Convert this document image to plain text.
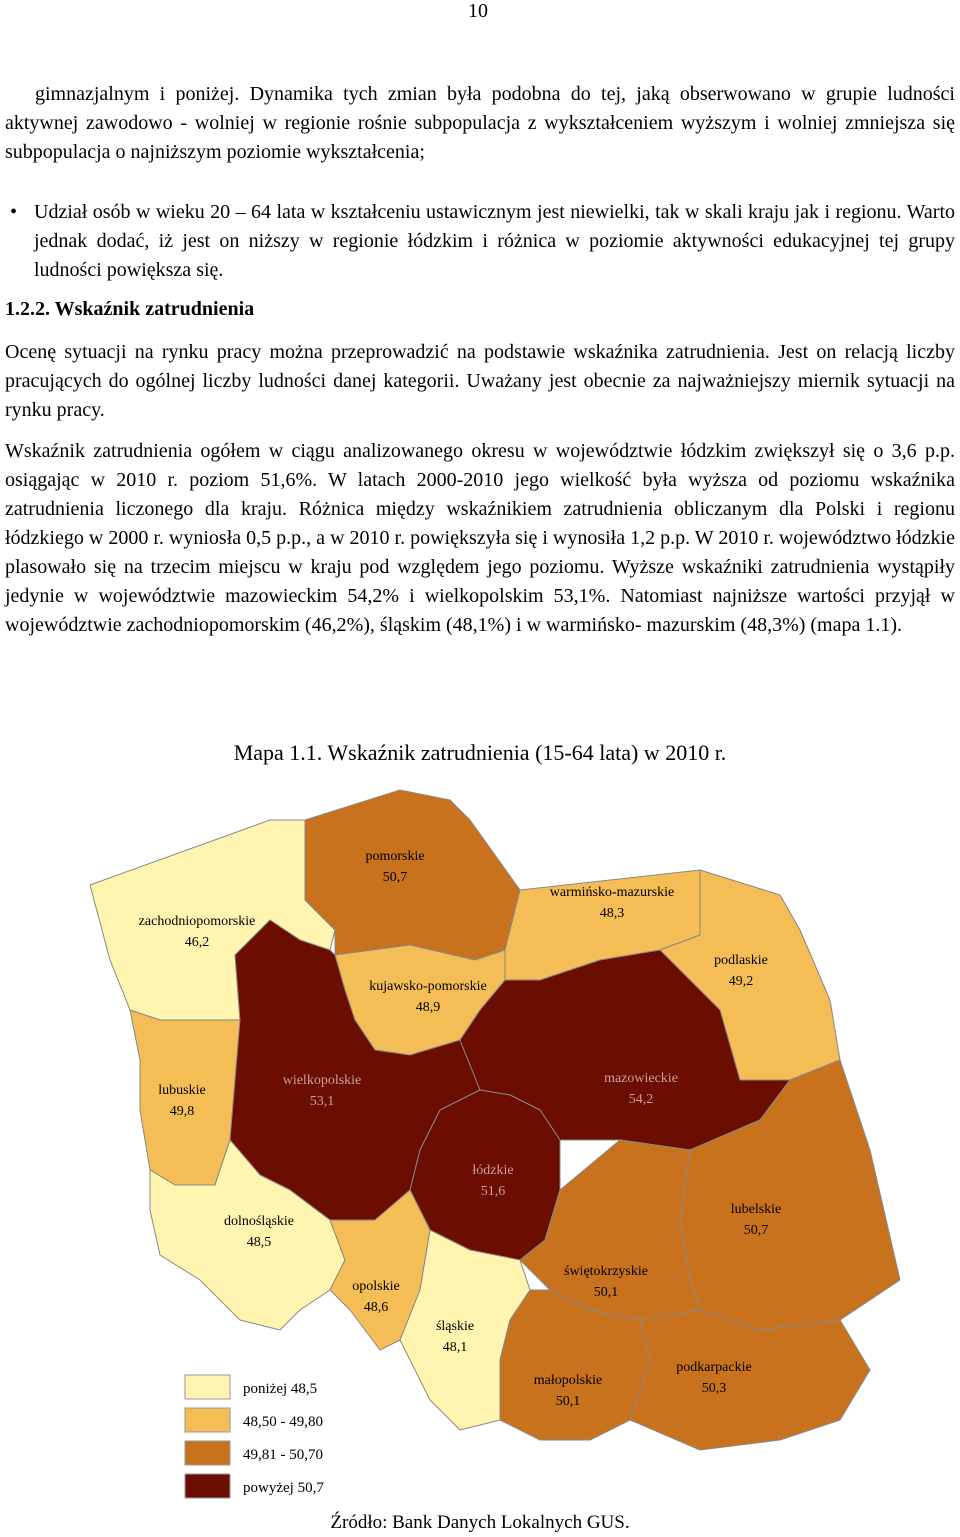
10
gimnazjalnym i poniżej. Dynamika tych zmian była podobna do tej, jaką obserwowano w grupie ludności aktywnej zawodowo - wolniej w regionie rośnie subpopulacja z wykształceniem wyższym i wolniej zmniejsza się subpopulacja o najniższym poziomie wykształcenia;
• Udział osób w wieku 20 – 64 lata w kształceniu ustawicznym jest niewielki, tak w skali kraju jak i regionu. Warto jednak dodać, iż jest on niższy w regionie łódzkim i różnica w poziomie aktywności edukacyjnej tej grupy ludności powiększa się.
1.2.2. Wskaźnik zatrudnienia
Ocenę sytuacji na rynku pracy można przeprowadzić na podstawie wskaźnika zatrudnienia. Jest on relacją liczby pracujących do ogólnej liczby ludności danej kategorii. Uważany jest obecnie za najważniejszy miernik sytuacji na rynku pracy.
Wskaźnik zatrudnienia ogółem w ciągu analizowanego okresu w województwie łódzkim zwiększył się o 3,6 p.p. osiągając w 2010 r. poziom 51,6%. W latach 2000-2010 jego wielkość była wyższa od poziomu wskaźnika zatrudnienia liczonego dla kraju. Różnica między wskaźnikiem zatrudnienia obliczanym dla Polski i regionu łódzkiego w 2000 r. wyniosła 0,5 p.p., a w 2010 r. powiększyła się i wynosiła 1,2 p.p. W 2010 r. województwo łódzkie plasowało się na trzecim miejscu w kraju pod względem jego poziomu. Wyższe wskaźniki zatrudnienia wystąpiły jedynie w województwie mazowieckim 54,2% i wielkopolskim 53,1%. Natomiast najniższe wartości przyjął w województwie zachodniopomorskim (46,2%), śląskim (48,1%) i w warmińsko- mazurskim (48,3%) (mapa 1.1).
Mapa 1.1. Wskaźnik zatrudnienia (15-64 lata) w 2010 r.
pomorskie
50,7
zachodniopomorskie
46,2
warmińsko-mazurskie
48,3
podlaskie
49,2
kujawsko-pomorskie
48,9
lubuskie
49,8
wielkopolskie
53,1
mazowieckie
54,2
łódzkie
51,6
lubelskie
50,7
dolnośląskie
48,5
świętokrzyskie
50,1
opolskie
48,6
śląskie
48,1
małopolskie
50,1
podkarpackie
50,3
poniżej 48,5
48,50 - 49,80
49,81 - 50,70
powyżej 50,7
Źródło: Bank Danych Lokalnych GUS.
